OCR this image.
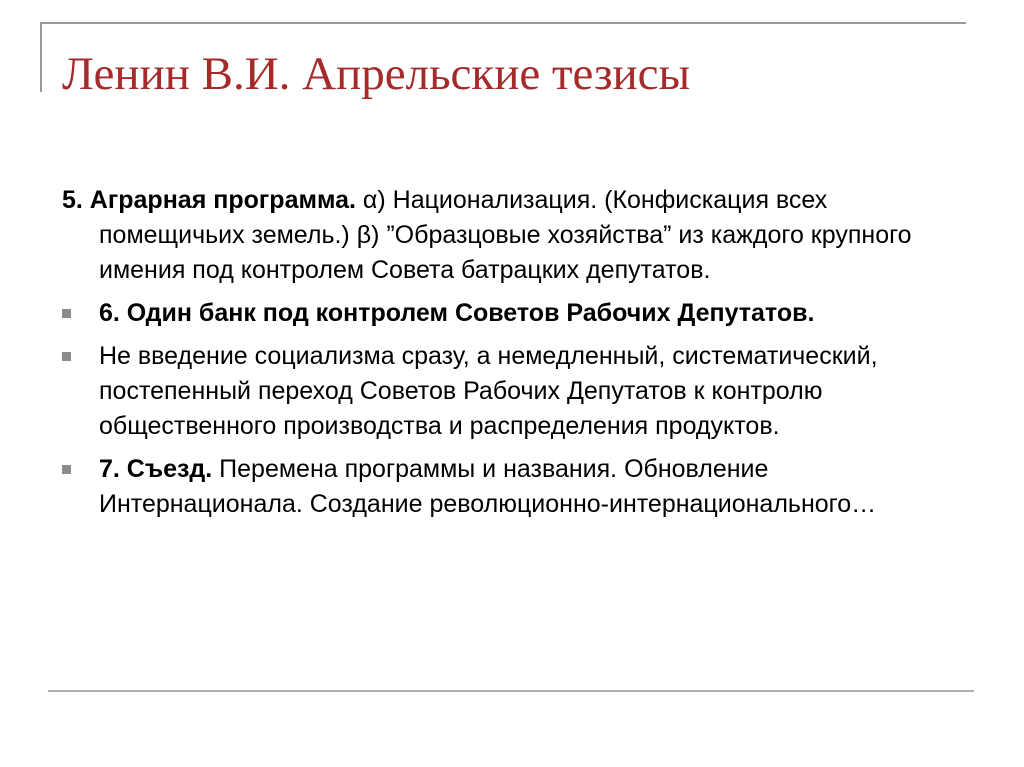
Ленин В.И. Апрельские тезисы

5. Аграрная программа. α) Национализация. (Конфискация всех помещичьих земель.) β) ”Образцовые хозяйства” из каждого крупного имения под контролем Совета батрацких депутатов.

6. Один банк под контролем Советов Рабочих Депутатов.
Не введение социализма сразу, а немедленный, систематический, постепенный переход Советов Рабочих Депутатов к контролю общественного производства и распределения продуктов.
7. Съезд. Перемена программы и названия. Обновление Интернационала. Создание революционно-интернационального…
